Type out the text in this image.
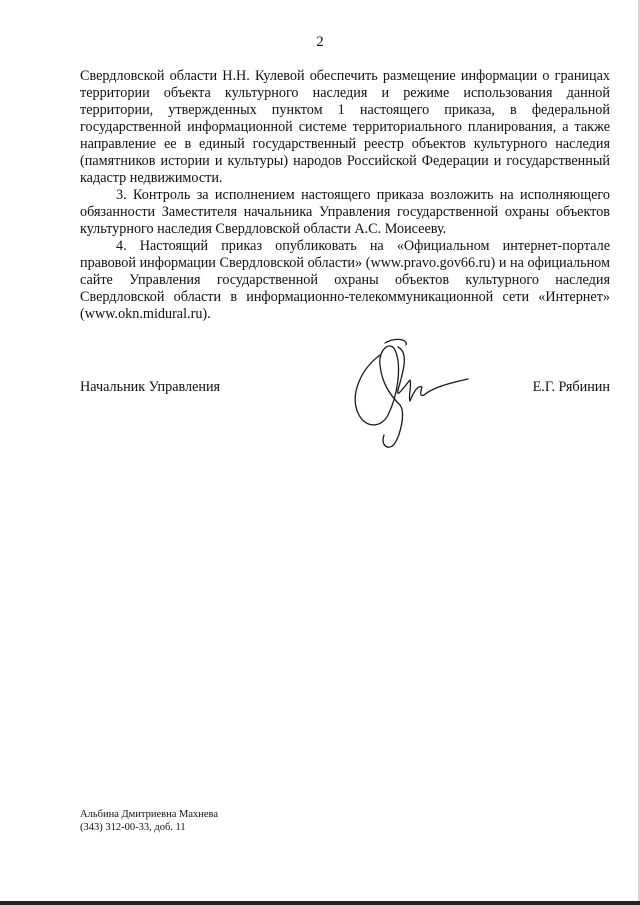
2

Свердловской области Н.Н. Кулевой обеспечить размещение информации о границах территории объекта культурного наследия и режиме использования данной территории, утвержденных пунктом 1 настоящего приказа, в федеральной государственной информационной системе территориального планирования, а также направление ее в единый государственный реестр объектов культурного наследия (памятников истории и культуры) народов Российской Федерации и государственный кадастр недвижимости.

3. Контроль за исполнением настоящего приказа возложить на исполняющего обязанности Заместителя начальника Управления государственной охраны объектов культурного наследия Свердловской области А.С. Моисееву.

4. Настоящий приказ опубликовать на «Официальном интернет-портале правовой информации Свердловской области» (www.pravo.gov66.ru) и на официальном сайте Управления государственной охраны объектов культурного наследия Свердловской области в информационно-телекоммуникационной сети «Интернет» (www.okn.midural.ru).

Начальник Управления	Е.Г. Рябинин
Альбина Дмитриевна Махнева
(343) 312-00-33, доб. 11
